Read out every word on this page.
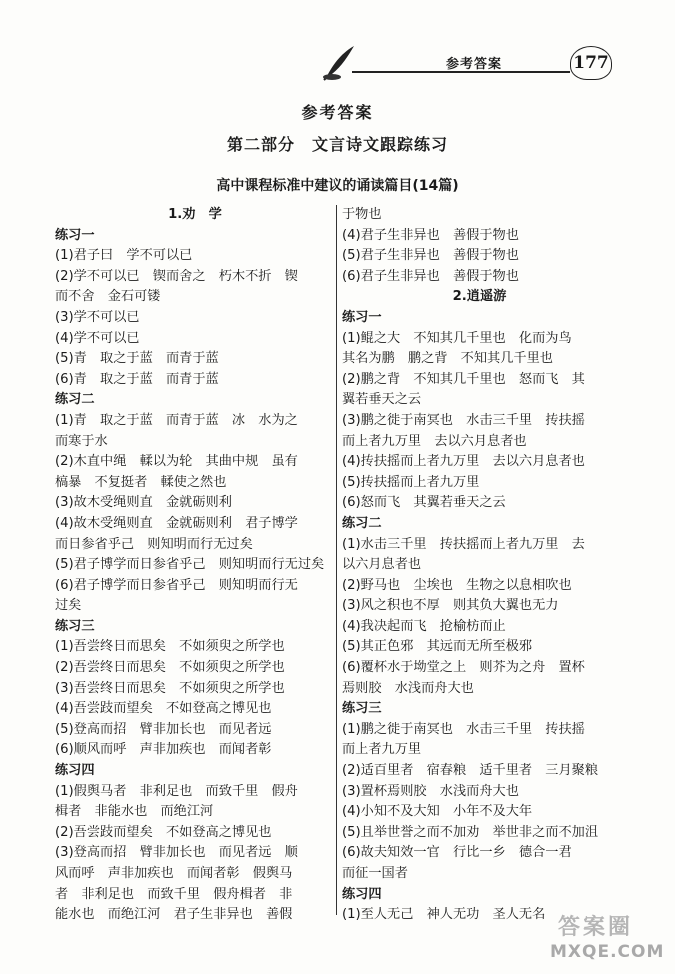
参考答案	177
参考答案
第二部分　文言诗文跟踪练习
高中课程标准中建议的诵读篇目(14篇)
1.劝　学
练习一
(1)君子曰　学不可以已
(2)学不可以已　锲而舍之　朽木不折　锲
而不舍　金石可镂
(3)学不可以已
(4)学不可以已
(5)青　取之于蓝　而青于蓝
(6)青　取之于蓝　而青于蓝
练习二
(1)青　取之于蓝　而青于蓝　冰　水为之
而寒于水
(2)木直中绳　輮以为轮　其曲中规　虽有
槁暴　不复挺者　輮使之然也
(3)故木受绳则直　金就砺则利
(4)故木受绳则直　金就砺则利　君子博学
而日参省乎己　则知明而行无过矣
(5)君子博学而日参省乎己　则知明而行无过矣
(6)君子博学而日参省乎己　则知明而行无
过矣
练习三
(1)吾尝终日而思矣　不如须臾之所学也
(2)吾尝终日而思矣　不如须臾之所学也
(3)吾尝终日而思矣　不如须臾之所学也
(4)吾尝跂而望矣　不如登高之博见也
(5)登高而招　臂非加长也　而见者远
(6)顺风而呼　声非加疾也　而闻者彰
练习四
(1)假舆马者　非利足也　而致千里　假舟
楫者　非能水也　而绝江河
(2)吾尝跂而望矣　不如登高之博见也
(3)登高而招　臂非加长也　而见者远　顺
风而呼　声非加疾也　而闻者彰　假舆马
者　非利足也　而致千里　假舟楫者　非
能水也　而绝江河　君子生非异也　善假
于物也
(4)君子生非异也　善假于物也
(5)君子生非异也　善假于物也
(6)君子生非异也　善假于物也
2.逍遥游
练习一
(1)鲲之大　不知其几千里也　化而为鸟
其名为鹏　鹏之背　不知其几千里也
(2)鹏之背　不知其几千里也　怒而飞　其
翼若垂天之云
(3)鹏之徙于南冥也　水击三千里　抟扶摇
而上者九万里　去以六月息者也
(4)抟扶摇而上者九万里　去以六月息者也
(5)抟扶摇而上者九万里
(6)怒而飞　其翼若垂天之云
练习二
(1)水击三千里　抟扶摇而上者九万里　去
以六月息者也
(2)野马也　尘埃也　生物之以息相吹也
(3)风之积也不厚　则其负大翼也无力
(4)我决起而飞　抢榆枋而止
(5)其正色邪　其远而无所至极邪
(6)覆杯水于坳堂之上　则芥为之舟　置杯
焉则胶　水浅而舟大也
练习三
(1)鹏之徙于南冥也　水击三千里　抟扶摇
而上者九万里
(2)适百里者　宿春粮　适千里者　三月聚粮
(3)置杯焉则胶　水浅而舟大也
(4)小知不及大知　小年不及大年
(5)且举世誉之而不加劝　举世非之而不加沮
(6)故夫知效一官　行比一乡　德合一君
而征一国者
练习四
(1)至人无己　神人无功　圣人无名
答案圈
MXQE.COM
